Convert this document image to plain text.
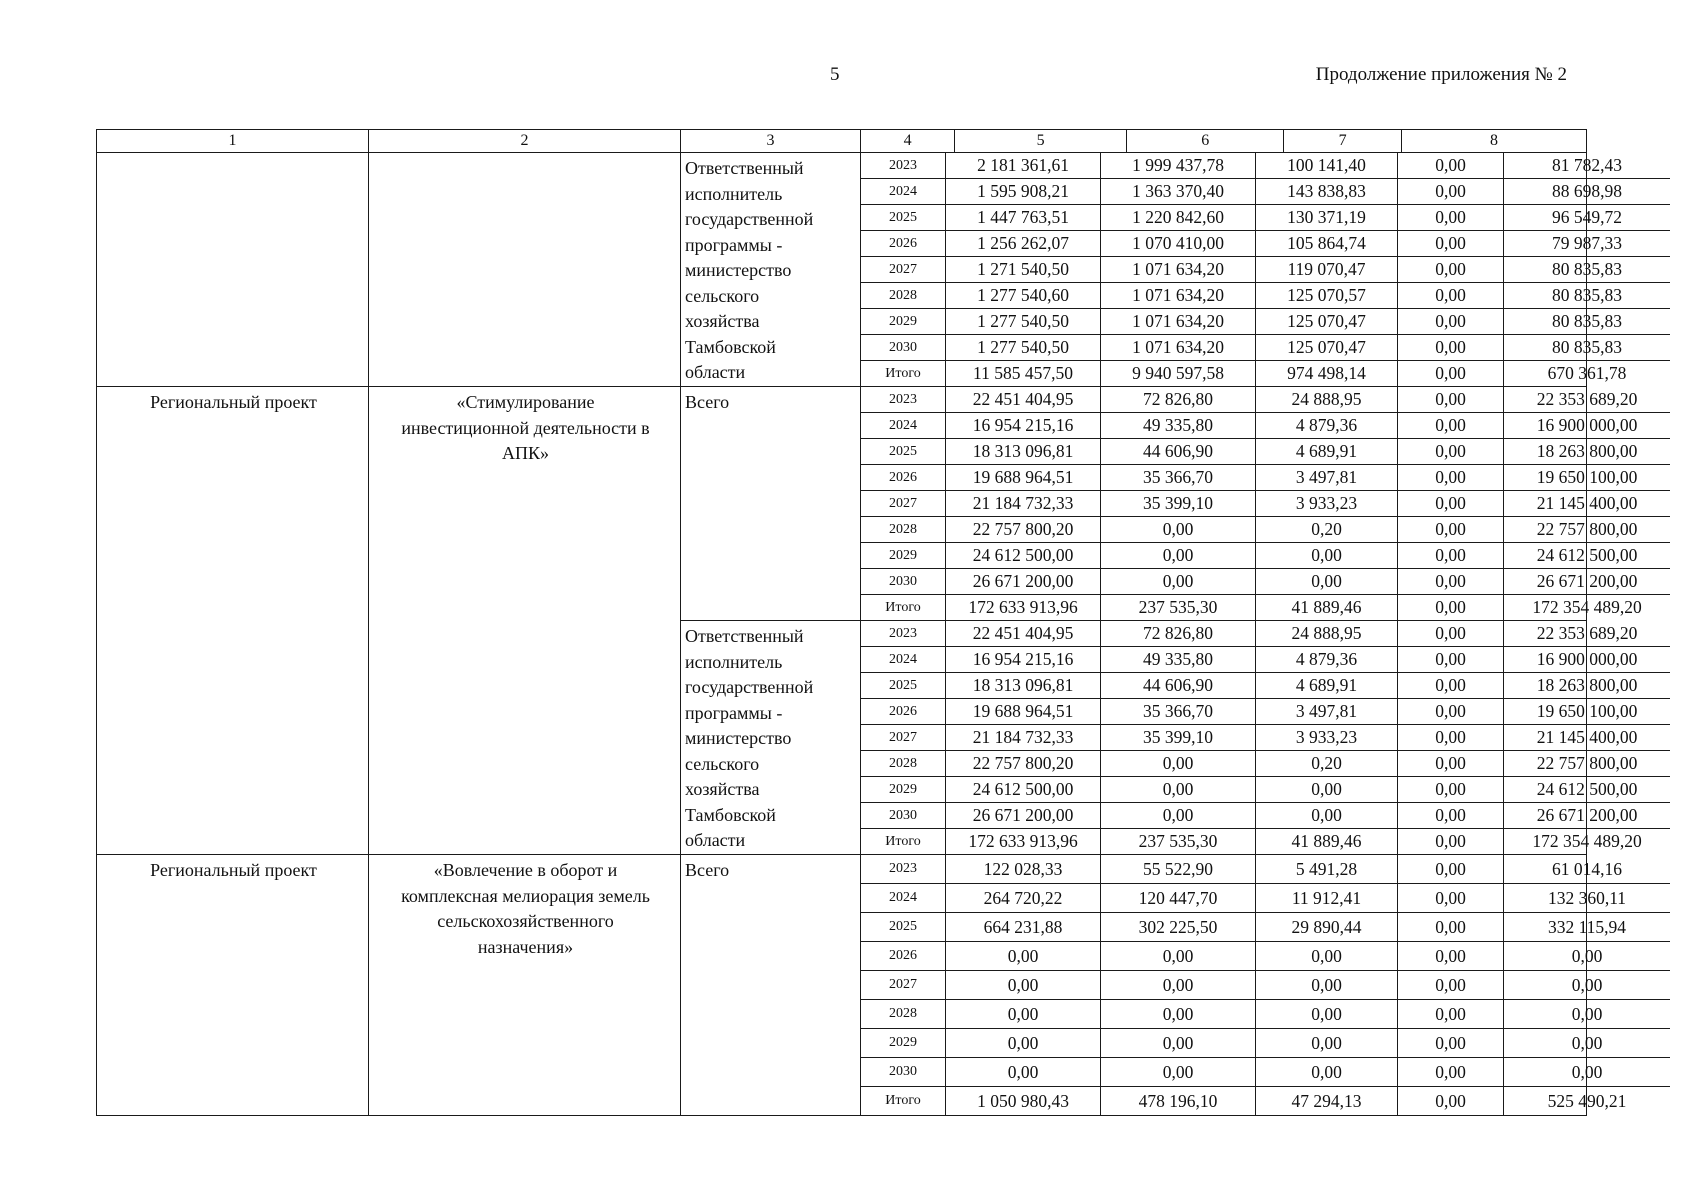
5	Продолжение приложения № 2
1	2	3		4	5	6	7	8

Ответственный
исполнитель
государственной
программы -
министерство
сельского
хозяйства
Тамбовской
области

2023	2 181 361,61	1 999 437,78	100 141,40	0,00	81 782,43
2024	1 595 908,21	1 363 370,40	143 838,83	0,00	88 698,98
2025	1 447 763,51	1 220 842,60	130 371,19	0,00	96 549,72
2026	1 256 262,07	1 070 410,00	105 864,74	0,00	79 987,33
2027	1 271 540,50	1 071 634,20	119 070,47	0,00	80 835,83
2028	1 277 540,60	1 071 634,20	125 070,57	0,00	80 835,83
2029	1 277 540,50	1 071 634,20	125 070,47	0,00	80 835,83
2030	1 277 540,50	1 071 634,20	125 070,47	0,00	80 835,83
Итого	11 585 457,50	9 940 597,58	974 498,14	0,00	670 361,78

Региональный проект	«Стимулирование
инвестиционной деятельности в
АПК»

Всего
		2023	22 451 404,95	72 826,80	24 888,95	0,00	22 353 689,20
2024	16 954 215,16	49 335,80	4 879,36	0,00	16 900 000,00
2025	18 313 096,81	44 606,90	4 689,91	0,00	18 263 800,00
2026	19 688 964,51	35 366,70	3 497,81	0,00	19 650 100,00
2027	21 184 732,33	35 399,10	3 933,23	0,00	21 145 400,00
2028	22 757 800,20	0,00	0,20	0,00	22 757 800,00
2029	24 612 500,00	0,00	0,00	0,00	24 612 500,00
2030	26 671 200,00	0,00	0,00	0,00	26 671 200,00
Итого	172 633 913,96	237 535,30	41 889,46	0,00	172 354 489,20

Ответственный
исполнитель
государственной
программы -
министерство
сельского
хозяйства
Тамбовской
области

2023	22 451 404,95	72 826,80	24 888,95	0,00	22 353 689,20
2024	16 954 215,16	49 335,80	4 879,36	0,00	16 900 000,00
2025	18 313 096,81	44 606,90	4 689,91	0,00	18 263 800,00
2026	19 688 964,51	35 366,70	3 497,81	0,00	19 650 100,00
2027	21 184 732,33	35 399,10	3 933,23	0,00	21 145 400,00
2028	22 757 800,20	0,00	0,20	0,00	22 757 800,00
2029	24 612 500,00	0,00	0,00	0,00	24 612 500,00
2030	26 671 200,00	0,00	0,00	0,00	26 671 200,00
Итого	172 633 913,96	237 535,30	41 889,46	0,00	172 354 489,20

Региональный проект	«Вовлечение в оборот и
комплексная мелиорация земель
сельскохозяйственного
назначения»

Всего
		2023	122 028,33	55 522,90	5 491,28	0,00	61 014,16
2024	264 720,22	120 447,70	11 912,41	0,00	132 360,11
2025	664 231,88	302 225,50	29 890,44	0,00	332 115,94
2026	0,00	0,00	0,00	0,00	0,00
2027	0,00	0,00	0,00	0,00	0,00
2028	0,00	0,00	0,00	0,00	0,00
2029	0,00	0,00	0,00	0,00	0,00
2030	0,00	0,00	0,00	0,00	0,00
Итого	1 050 980,43	478 196,10	47 294,13	0,00	525 490,21
